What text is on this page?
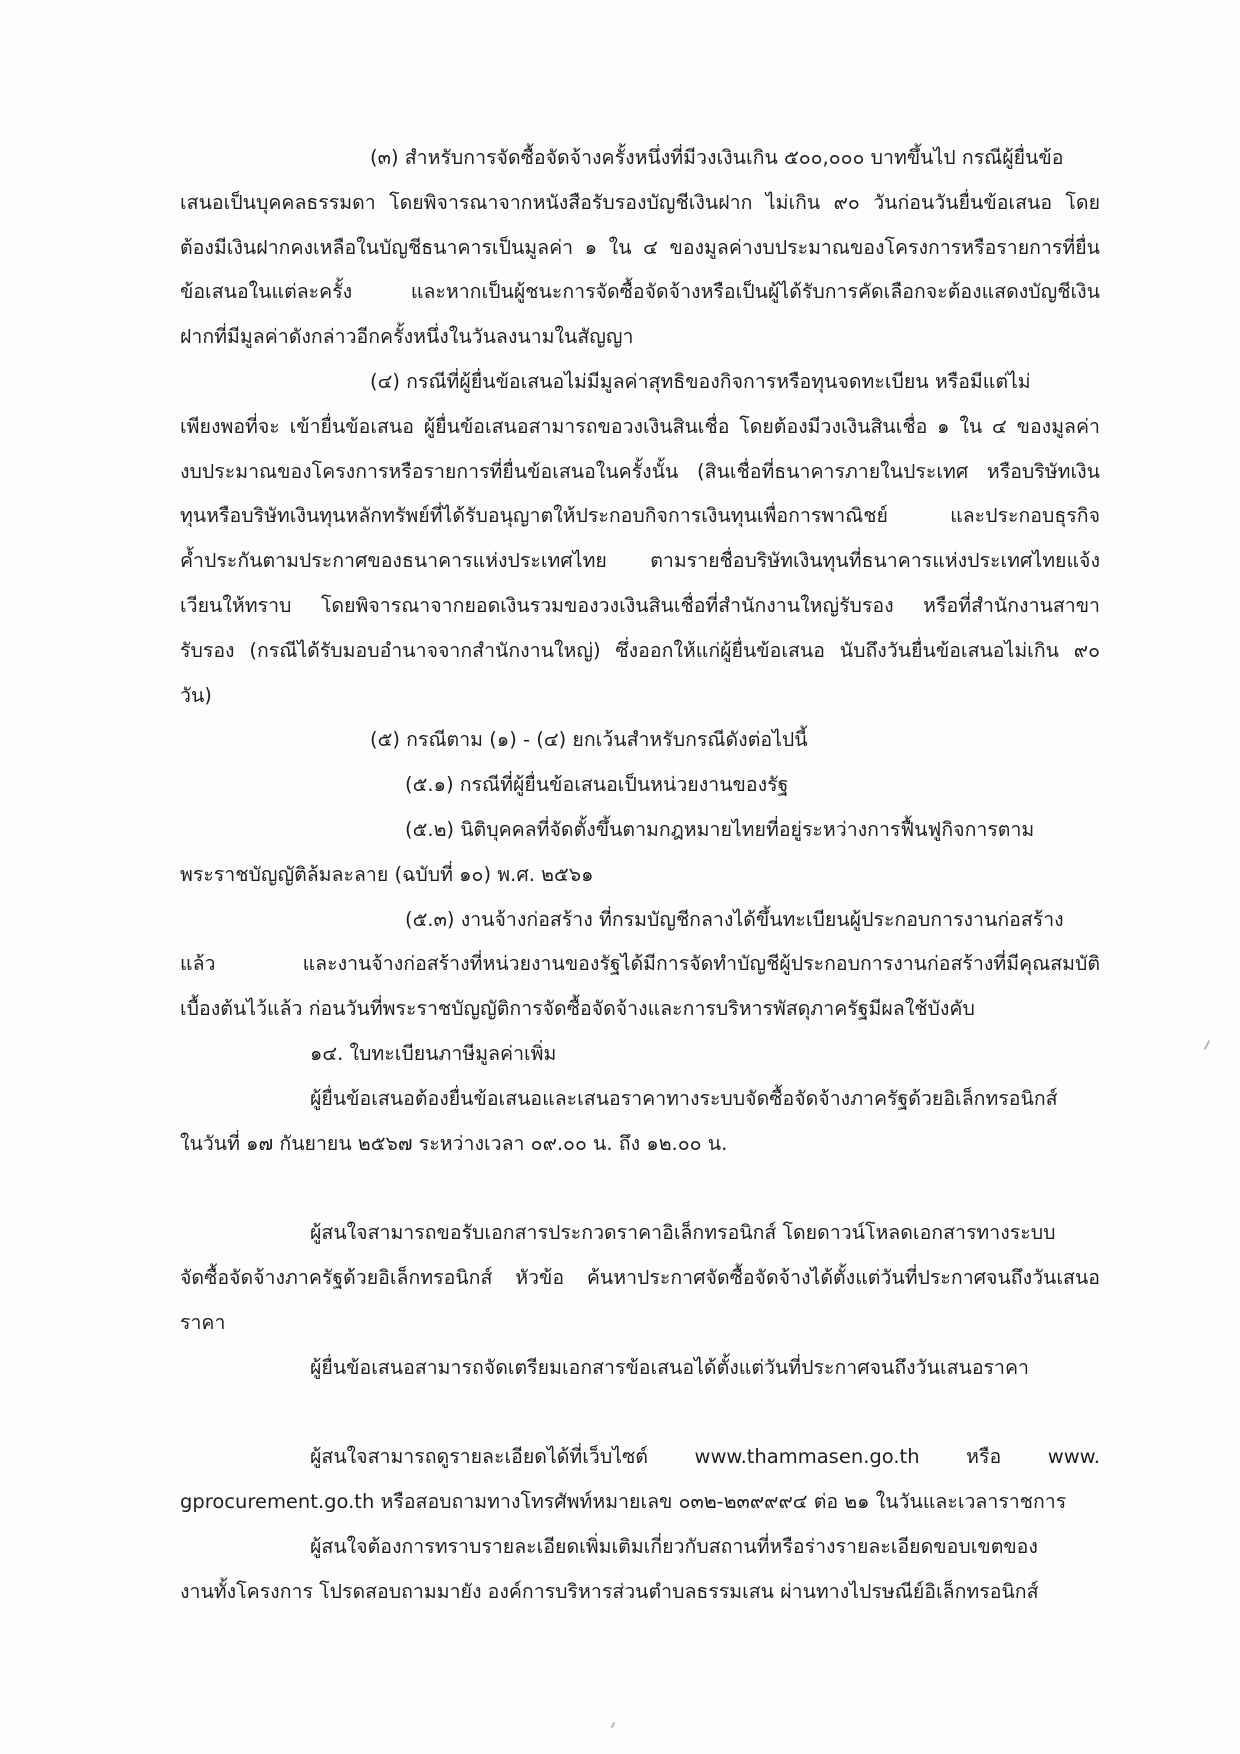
(๓) สำหรับการจัดซื้อจัดจ้างครั้งหนึ่งที่มีวงเงินเกิน ๕๐๐,๐๐๐ บาทขึ้นไป กรณีผู้ยื่นข้อ
เสนอเป็นบุคคลธรรมดา โดยพิจารณาจากหนังสือรับรองบัญชีเงินฝาก ไม่เกิน ๙๐ วันก่อนวันยื่นข้อเสนอ โดย
ต้องมีเงินฝากคงเหลือในบัญชีธนาคารเป็นมูลค่า ๑ ใน ๔ ของมูลค่างบประมาณของโครงการหรือรายการที่ยื่น
ข้อเสนอในแต่ละครั้ง และหากเป็นผู้ชนะการจัดซื้อจัดจ้างหรือเป็นผู้ได้รับการคัดเลือกจะต้องแสดงบัญชีเงิน
ฝากที่มีมูลค่าดังกล่าวอีกครั้งหนึ่งในวันลงนามในสัญญา
(๔) กรณีที่ผู้ยื่นข้อเสนอไม่มีมูลค่าสุทธิของกิจการหรือทุนจดทะเบียน หรือมีแต่ไม่
เพียงพอที่จะ เข้ายื่นข้อเสนอ ผู้ยื่นข้อเสนอสามารถขอวงเงินสินเชื่อ โดยต้องมีวงเงินสินเชื่อ ๑ ใน ๔ ของมูลค่า
งบประมาณของโครงการหรือรายการที่ยื่นข้อเสนอในครั้งนั้น (สินเชื่อที่ธนาคารภายในประเทศ หรือบริษัทเงิน
ทุนหรือบริษัทเงินทุนหลักทรัพย์ที่ได้รับอนุญาตให้ประกอบกิจการเงินทุนเพื่อการพาณิชย์ และประกอบธุรกิจ
ค้ำประกันตามประกาศของธนาคารแห่งประเทศไทย ตามรายชื่อบริษัทเงินทุนที่ธนาคารแห่งประเทศไทยแจ้ง
เวียนให้ทราบ โดยพิจารณาจากยอดเงินรวมของวงเงินสินเชื่อที่สำนักงานใหญ่รับรอง หรือที่สำนักงานสาขา
รับรอง (กรณีได้รับมอบอำนาจจากสำนักงานใหญ่) ซึ่งออกให้แก่ผู้ยื่นข้อเสนอ นับถึงวันยื่นข้อเสนอไม่เกิน ๙๐
วัน)
(๕) กรณีตาม (๑) - (๔) ยกเว้นสำหรับกรณีดังต่อไปนี้
(๕.๑) กรณีที่ผู้ยื่นข้อเสนอเป็นหน่วยงานของรัฐ
(๕.๒) นิติบุคคลที่จัดตั้งขึ้นตามกฎหมายไทยที่อยู่ระหว่างการฟื้นฟูกิจการตาม
พระราชบัญญัติล้มละลาย (ฉบับที่ ๑๐) พ.ศ. ๒๕๖๑
(๕.๓) งานจ้างก่อสร้าง ที่กรมบัญชีกลางได้ขึ้นทะเบียนผู้ประกอบการงานก่อสร้าง
แล้ว และงานจ้างก่อสร้างที่หน่วยงานของรัฐได้มีการจัดทำบัญชีผู้ประกอบการงานก่อสร้างที่มีคุณสมบัติ
เบื้องต้นไว้แล้ว ก่อนวันที่พระราชบัญญัติการจัดซื้อจัดจ้างและการบริหารพัสดุภาครัฐมีผลใช้บังคับ
๑๔. ใบทะเบียนภาษีมูลค่าเพิ่ม
ผู้ยื่นข้อเสนอต้องยื่นข้อเสนอและเสนอราคาทางระบบจัดซื้อจัดจ้างภาครัฐด้วยอิเล็กทรอนิกส์
ในวันที่ ๑๗ กันยายน ๒๕๖๗ ระหว่างเวลา ๐๙.๐๐ น. ถึง ๑๒.๐๐ น.
ผู้สนใจสามารถขอรับเอกสารประกวดราคาอิเล็กทรอนิกส์ โดยดาวน์โหลดเอกสารทางระบบ
จัดซื้อจัดจ้างภาครัฐด้วยอิเล็กทรอนิกส์ หัวข้อ ค้นหาประกาศจัดซื้อจัดจ้างได้ตั้งแต่วันที่ประกาศจนถึงวันเสนอ
ราคา
ผู้ยื่นข้อเสนอสามารถจัดเตรียมเอกสารข้อเสนอได้ตั้งแต่วันที่ประกาศจนถึงวันเสนอราคา
ผู้สนใจสามารถดูรายละเอียดได้ที่เว็บไซต์ www.thammasen.go.th หรือ www.
gprocurement.go.th หรือสอบถามทางโทรศัพท์หมายเลข ๐๓๒-๒๓๙๙๙๔ ต่อ ๒๑ ในวันและเวลาราชการ
ผู้สนใจต้องการทราบรายละเอียดเพิ่มเติมเกี่ยวกับสถานที่หรือร่างรายละเอียดขอบเขตของ
งานทั้งโครงการ โปรดสอบถามมายัง องค์การบริหารส่วนตำบลธรรมเสน ผ่านทางไปรษณีย์อิเล็กทรอนิกส์
